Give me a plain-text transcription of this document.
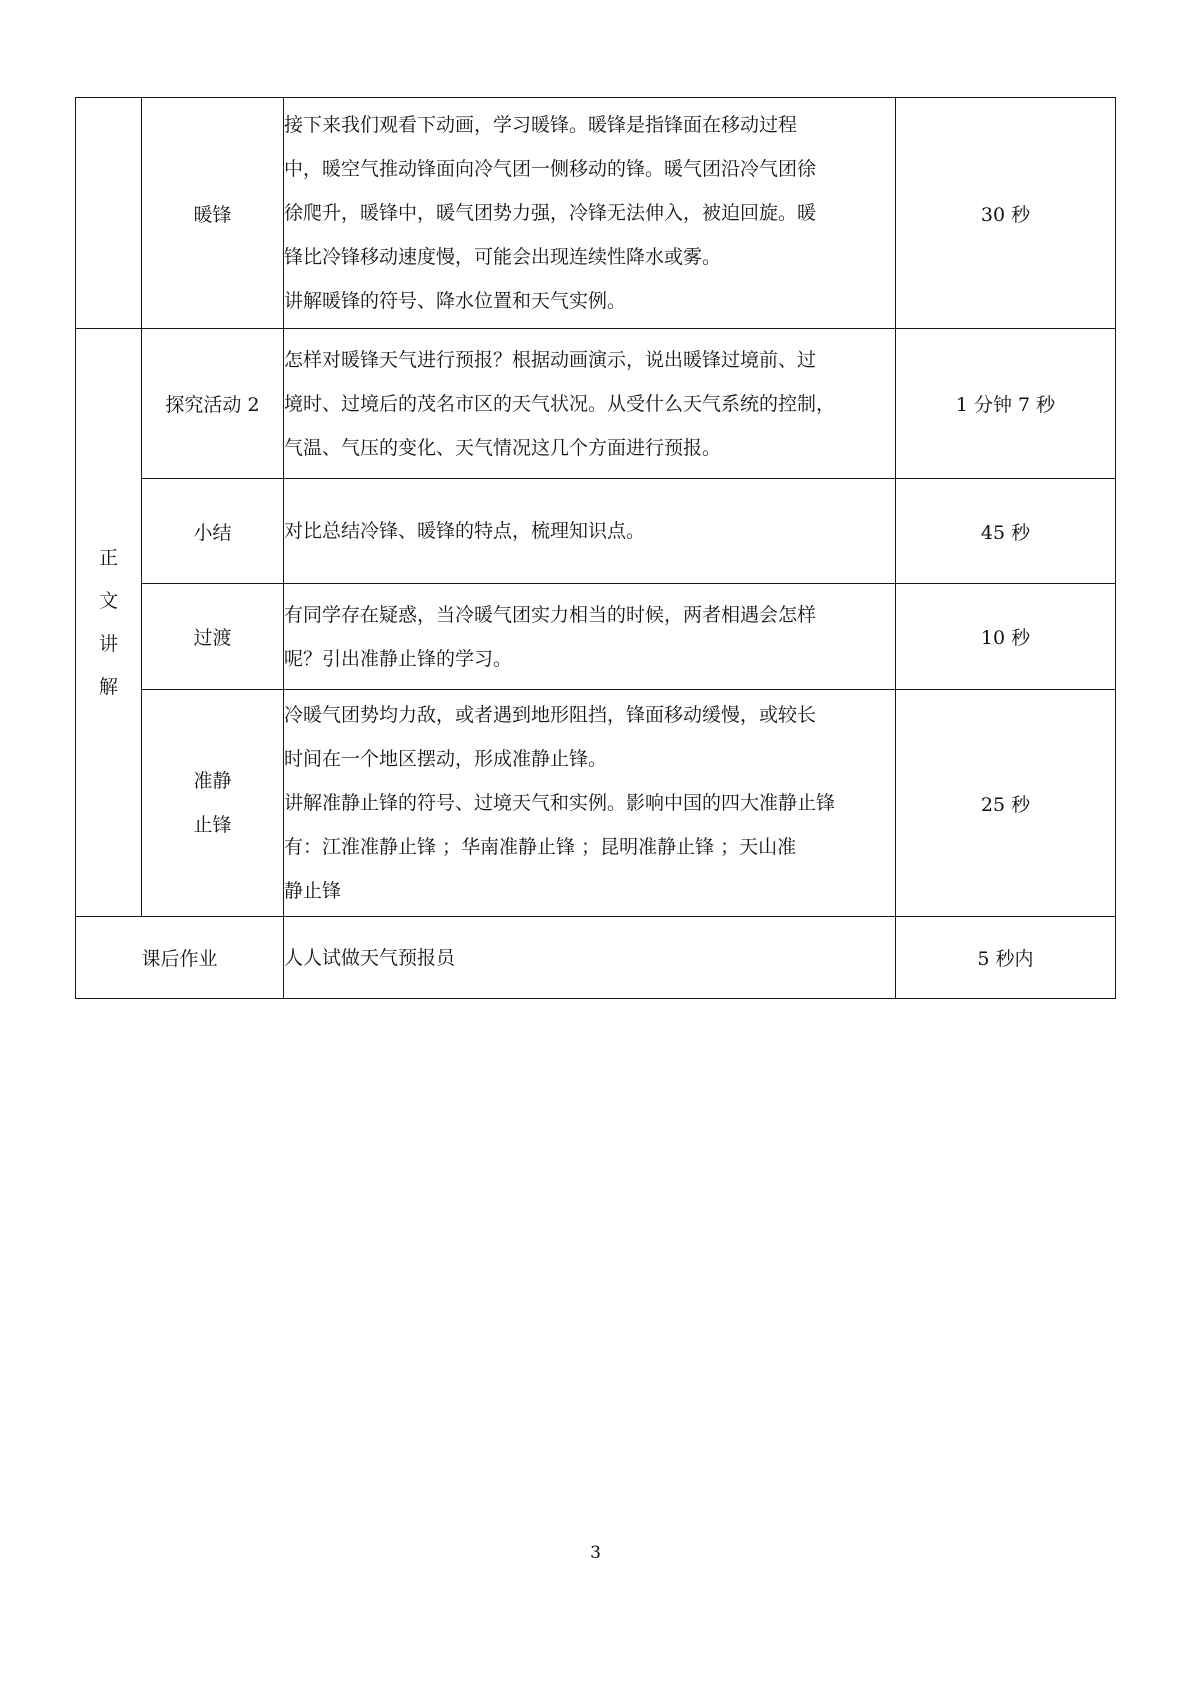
	暖锋	接下来我们观看下动画，学习暖锋。暖锋是指锋面在移动过程
中，暖空气推动锋面向冷气团一侧移动的锋。暖气团沿冷气团徐
徐爬升，暖锋中，暖气团势力强，冷锋无法伸入，被迫回旋。暖
锋比冷锋移动速度慢，可能会出现连续性降水或雾。
讲解暖锋的符号、降水位置和天气实例。	30 秒
正文讲解	探究活动 2	怎样对暖锋天气进行预报？根据动画演示，说出暖锋过境前、过
境时、过境后的茂名市区的天气状况。从受什么天气系统的控制，
气温、气压的变化、天气情况这几个方面进行预报。	1 分钟 7 秒
	小结	对比总结冷锋、暖锋的特点，梳理知识点。	45 秒
	过渡	有同学存在疑惑，当冷暖气团实力相当的时候，两者相遇会怎样
呢？引出准静止锋的学习。	10 秒

	准静
止锋	冷暖气团势均力敌，或者遇到地形阻挡，锋面移动缓慢，或较长
时间在一个地区摆动，形成准静止锋。
讲解准静止锋的符号、过境天气和实例。影响中国的四大准静止锋
有：江淮准静止锋 ；华南准静止锋 ；昆明准静止锋 ；天山准
静止锋	25 秒
课后作业		人人试做天气预报员	5 秒内
3
